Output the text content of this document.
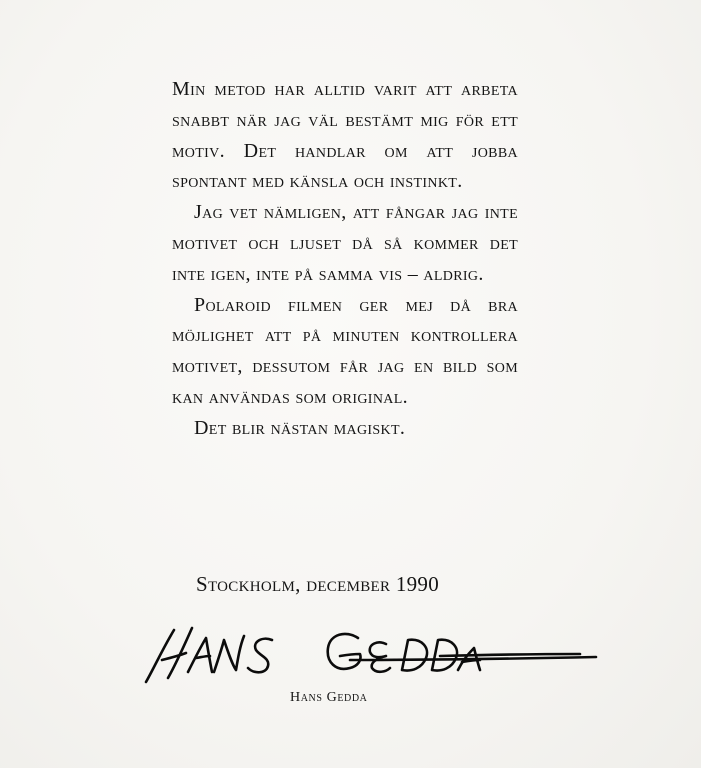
Min metod har alltid varit att arbeta snabbt när jag väl bestämt mig för ett motiv. Det handlar om att jobba spontant med känsla och instinkt.

Jag vet nämligen, att fångar jag inte motivet och ljuset då så kommer det inte igen, inte på samma vis – aldrig.

Polaroid filmen ger mej då bra möjlighet att på minuten kontrollera motivet, dessutom får jag en bild som kan användas som original.

Det blir nästan magiskt.

Stockholm, december 1990
Hans Gedda
